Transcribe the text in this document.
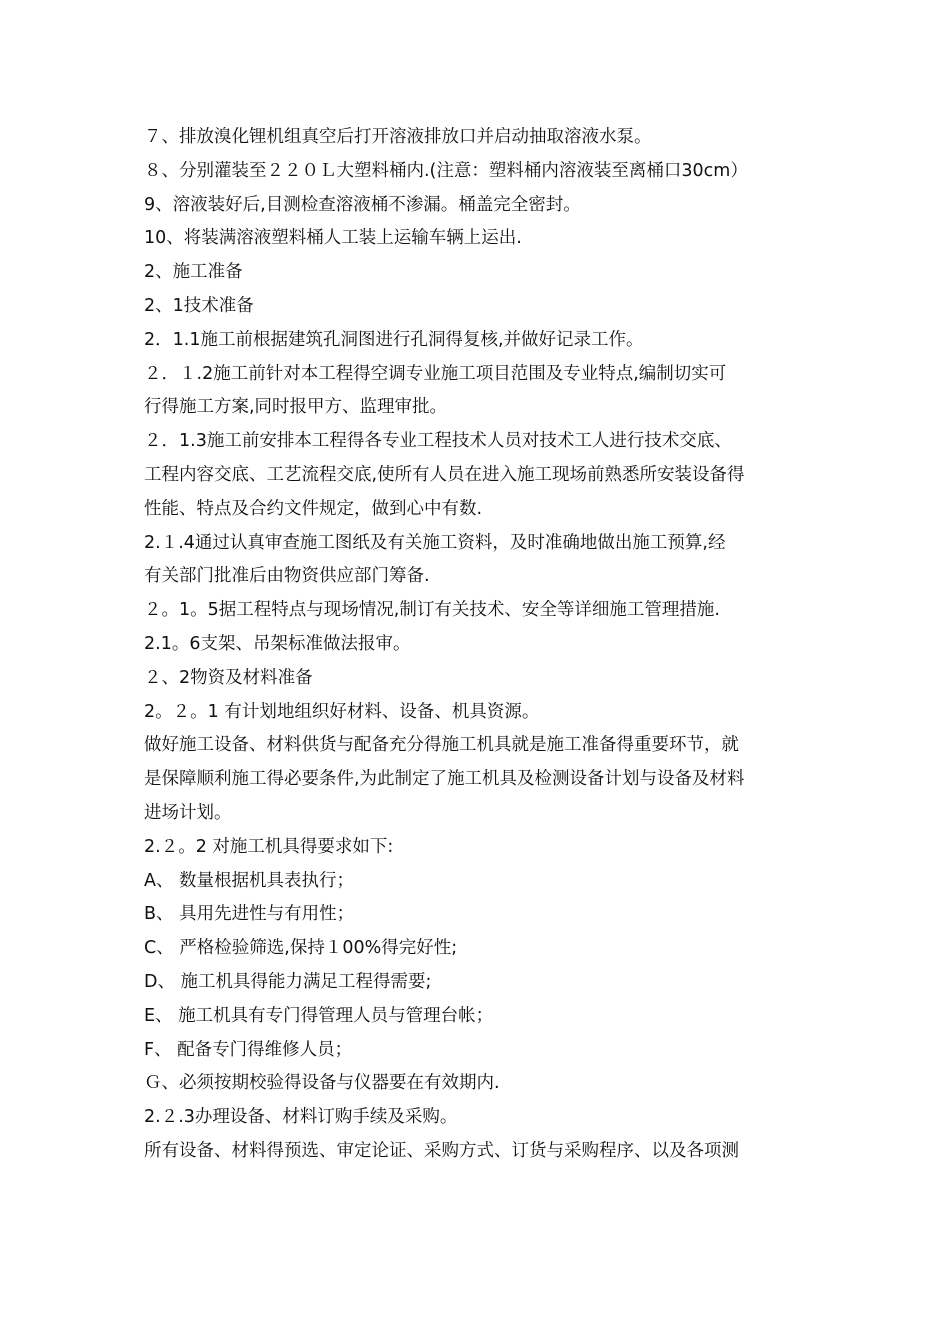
７、排放溴化锂机组真空后打开溶液排放口并启动抽取溶液水泵。
８、分别灌装至２２０Ｌ大塑料桶内.(注意：塑料桶内溶液装至离桶口30cm）
9、溶液装好后,目测检查溶液桶不渗漏。桶盖完全密封。
10、将装满溶液塑料桶人工装上运输车辆上运出.
2、施工准备
2、1技术准备
2．1.1施工前根据建筑孔洞图进行孔洞得复核,并做好记录工作。
２．１.2施工前针对本工程得空调专业施工项目范围及专业特点,编制切实可
行得施工方案,同时报甲方、监理审批。
２．1.3施工前安排本工程得各专业工程技术人员对技术工人进行技术交底、
工程内容交底、工艺流程交底,使所有人员在进入施工现场前熟悉所安装设备得
性能、特点及合约文件规定，做到心中有数.
2.１.4通过认真审查施工图纸及有关施工资料，及时准确地做出施工预算,经
有关部门批准后由物资供应部门筹备.
２。1。5据工程特点与现场情况,制订有关技术、安全等详细施工管理措施.
2.1。6支架、吊架标准做法报审。
２、2物资及材料准备
2。２。1 有计划地组织好材料、设备、机具资源。
做好施工设备、材料供货与配备充分得施工机具就是施工准备得重要环节，就
是保障顺利施工得必要条件,为此制定了施工机具及检测设备计划与设备及材料
进场计划。
2.２。2 对施工机具得要求如下:
A、 数量根据机具表执行；
B、 具用先进性与有用性；
C、 严格检验筛选,保持１00%得完好性;
D、 施工机具得能力满足工程得需要;
E、 施工机具有专门得管理人员与管理台帐；
F、 配备专门得维修人员；
Ｇ、必须按期校验得设备与仪器要在有效期内.
2.２.3办理设备、材料订购手续及采购。
所有设备、材料得预选、审定论证、采购方式、订货与采购程序、以及各项测
